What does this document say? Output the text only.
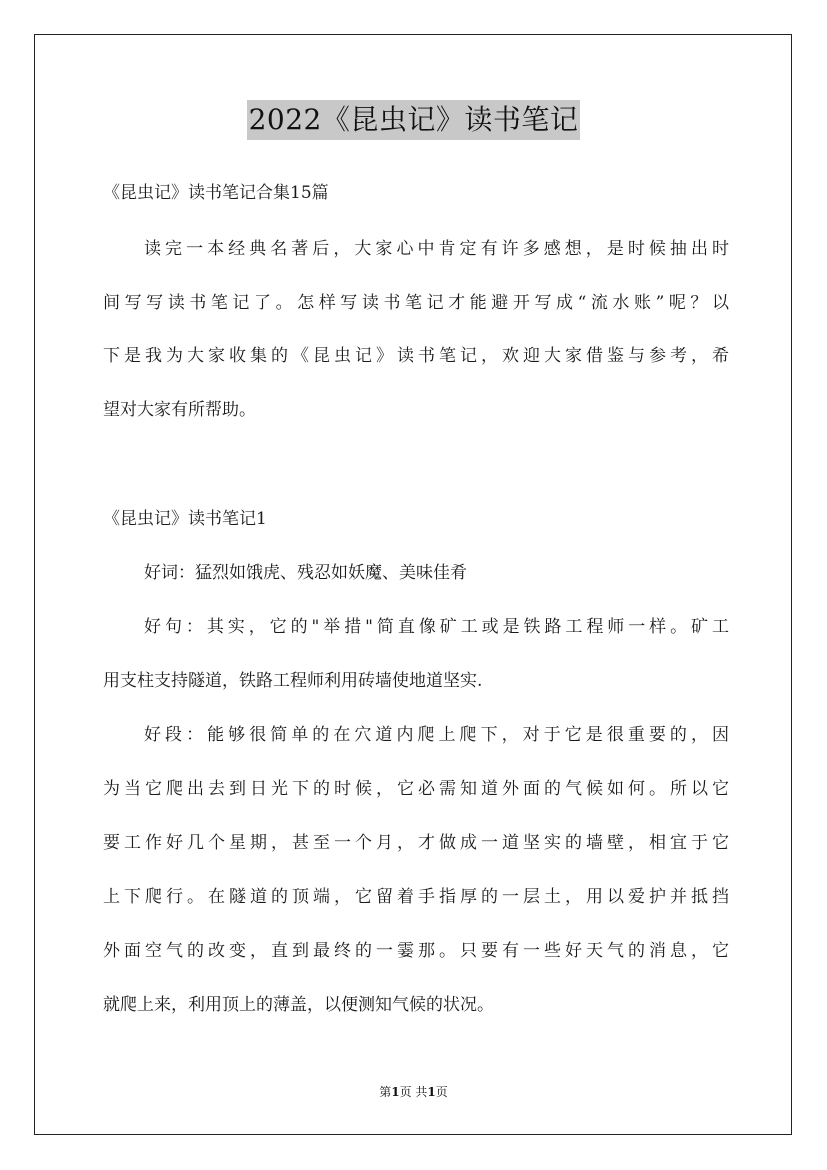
2022《昆虫记》读书笔记
《昆虫记》读书笔记合集15篇
读完一本经典名著后，大家心中肯定有许多感想，是时候抽出时
间写写读书笔记了。怎样写读书笔记才能避开写成“流水账”呢？以
下是我为大家收集的《昆虫记》读书笔记，欢迎大家借鉴与参考，希
望对大家有所帮助。
《昆虫记》读书笔记1
好词：猛烈如饿虎、残忍如妖魔、美味佳肴
好句：其实，它的"举措"简直像矿工或是铁路工程师一样。矿工
用支柱支持隧道，铁路工程师利用砖墙使地道坚实.
好段：能够很简单的在穴道内爬上爬下，对于它是很重要的，因
为当它爬出去到日光下的时候，它必需知道外面的气候如何。所以它
要工作好几个星期，甚至一个月，才做成一道坚实的墙壁，相宜于它
上下爬行。在隧道的顶端，它留着手指厚的一层土，用以爱护并抵挡
外面空气的改变，直到最终的一霎那。只要有一些好天气的消息，它
就爬上来，利用顶上的薄盖，以便测知气候的状况。
第1页 共1页
